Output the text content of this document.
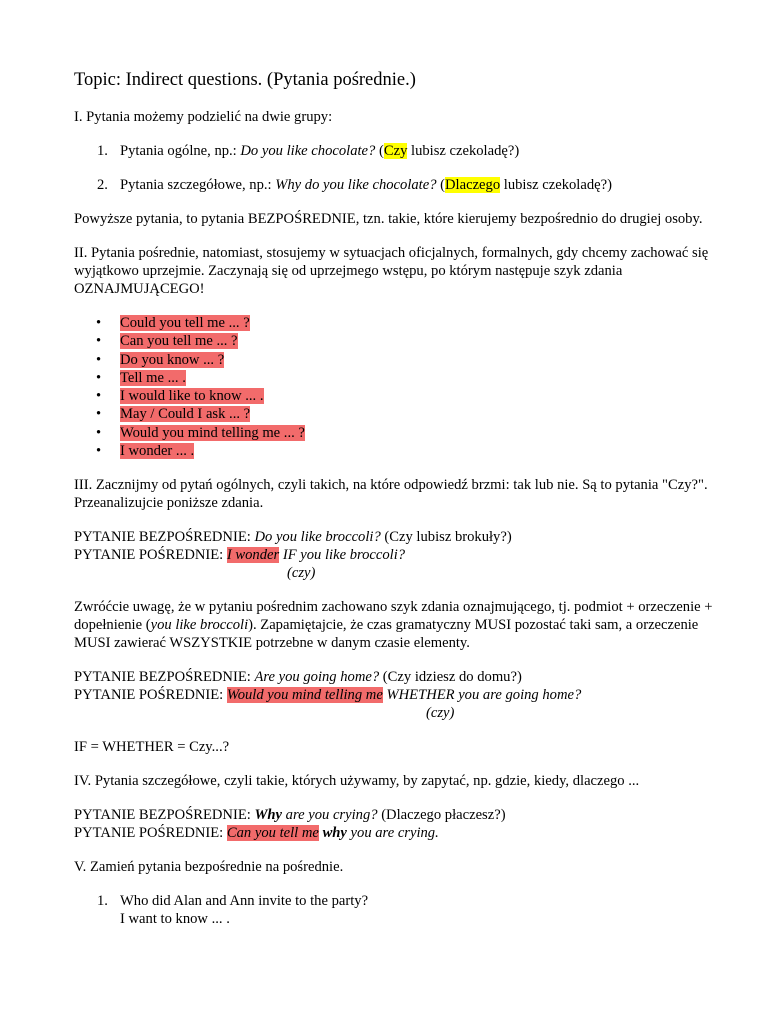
Topic: Indirect questions. (Pytania pośrednie.)

I. Pytania możemy podzielić na dwie grupy:

1. Pytania ogólne, np.: Do you like chocolate? (Czy lubisz czekoladę?)
2. Pytania szczegółowe, np.: Why do you like chocolate? (Dlaczego lubisz czekoladę?)

Powyższe pytania, to pytania BEZPOŚREDNIE, tzn. takie, które kierujemy bezpośrednio do drugiej osoby.

II. Pytania pośrednie, natomiast, stosujemy w sytuacjach oficjalnych, formalnych, gdy chcemy zachować się wyjątkowo uprzejmie. Zaczynają się od uprzejmego wstępu, po którym następuje szyk zdania OZNAJMUJĄCEGO!

• Could you tell me ... ?
• Can you tell me ... ?
• Do you know ... ?
• Tell me ... .
• I would like to know ... .
• May / Could I ask ... ?
• Would you mind telling me ... ?
• I wonder ... .

III. Zacznijmy od pytań ogólnych, czyli takich, na które odpowiedź brzmi: tak lub nie. Są to pytania "Czy?".

Przeanalizujcie poniższe zdania.

PYTANIE BEZPOŚREDNIE: Do you like broccoli? (Czy lubisz brokuły?)

PYTANIE POŚREDNIE: I wonder IF you like broccoli?

(czy)

Zwróćcie uwagę, że w pytaniu pośrednim zachowano szyk zdania oznajmującego, tj. podmiot + orzeczenie + dopełnienie (you like broccoli). Zapamiętajcie, że czas gramatyczny MUSI pozostać taki sam, a orzeczenie MUSI zawierać WSZYSTKIE potrzebne w danym czasie elementy.

PYTANIE BEZPOŚREDNIE: Are you going home? (Czy idziesz do domu?)

PYTANIE POŚREDNIE: Would you mind telling me WHETHER you are going home?

(czy)

IF = WHETHER = Czy...?

IV. Pytania szczegółowe, czyli takie, których używamy, by zapytać, np. gdzie, kiedy, dlaczego ...

PYTANIE BEZPOŚREDNIE: Why are you crying? (Dlaczego płaczesz?)

PYTANIE POŚREDNIE: Can you tell me why you are crying.

V. Zamień pytania bezpośrednie na pośrednie.

1. Who did Alan and Ann invite to the party?
I want to know ... .
